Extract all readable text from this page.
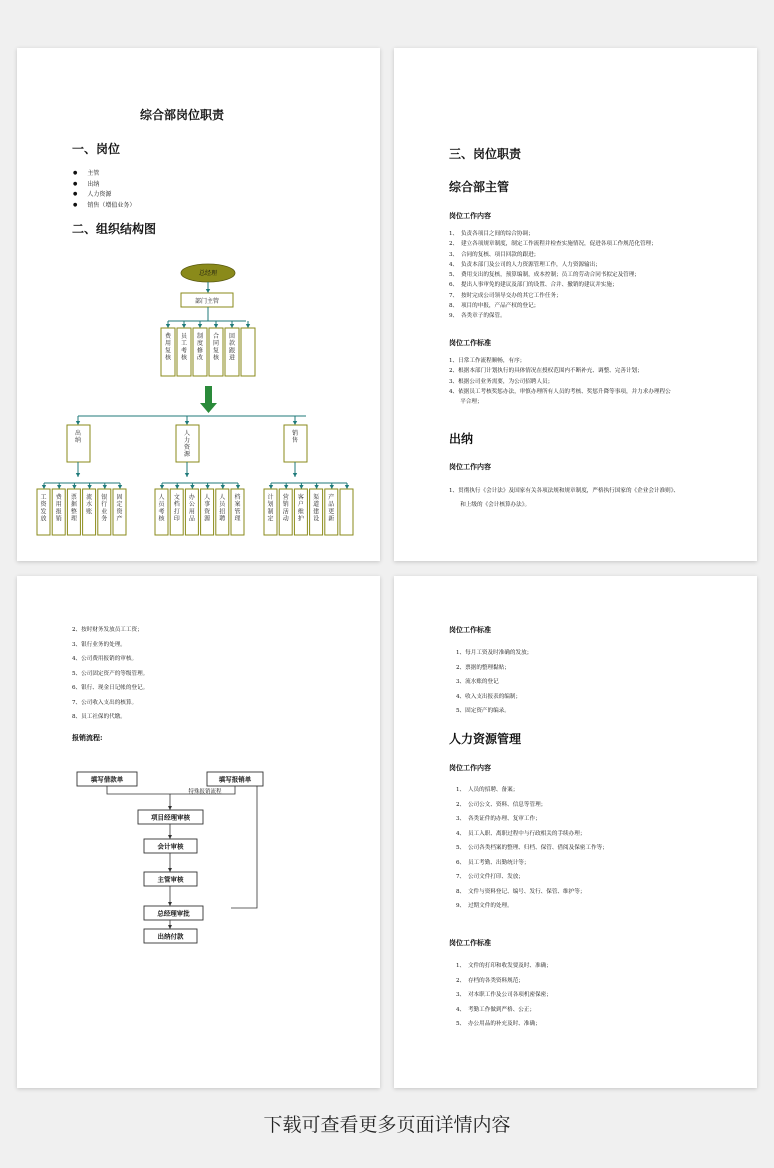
综合部岗位职责
一、岗位
● 主管
● 出纳
● 人力资源
● 销售（增值业务）
二、组织结构图
总经理
部门主管
费
用
复
核
员
工
考
核
制
度
修
改
合
同
复
核
回
款
跟
进
出
纳
工
资
发
放
费
用
报
销
票
据
整
理
流
水
账
银
行
业
务
固
定
资
产
人
力
资
源
人
员
考
核
文
档
打
印
办
公
用
品
人
事
资
源
人
员
招
聘
档
案
管
理
销
售
计
划
制
定
营
销
活
动
客
户
维
护
渠
道
建
设
产
品
更
新
三、岗位职责
综合部主管
岗位工作内容
1、　负责各项目之间的综合协调；
2、　建立各项规章制度，制定工作流程并检查实施情况，促进各项工作规范化管理；
3、　合同的复核、项目回款的跟进；
4、　负责本部门及公司的人力资源管理工作，人力资源输出；
5、　费用支出的复核，预算编制，成本控制；员工的劳动合同书拟定及管理；
6、　提出人事审免的建议及部门的设置、合并、撤销的建议并实施；
7、　按时完成公司领导交办的其它工作任务；
8、　项目的申报，产品产权的登记；
9、　各类章子的保管。
岗位工作标准
1、日常工作流程顺畅，有序；
2、根据本部门计划执行的具体情况在授权范围内不断补充、调整、完善计划；
3、根据公司业务需要，为公司招聘人员；
4、依据员工考核奖惩办法，审慎办理所有人员的考核、奖惩升降等事项，并力求办理程公
　　平合理；
出纳
岗位工作内容
1、贯彻执行《会计法》及国家有关各项法规和规章制度，严格执行国家的《企业会计准则》、
　　和上级的《会计核算办法》。
2、按时财务发放员工工资；
3、银行业务的处理。
4、公司费用报销的审核。
5、公司固定资产的等级管理。
6、银行、现金日记帐的登记。
7、公司收入支出的核算。
8、员工社保的代缴。
报销流程:
填写借款单	填写报销单
特殊报销流程
项目经理审核
会计审核
主管审核
总经理审批
出纳付款
岗位工作标准
1、每月工资及时准确的发放；
2、票据的整理黏贴；
3、流水账的登记
4、收入支出报表的编制；
5、固定资产的编录。
人力资源管理
岗位工作内容
1、　人员的招聘、备案；
2、　公司公文、资料、信息等管理；
3、　各类证件的办理、复审工作；
4、　员工入职、离职过程中与行政相关的手续办理；
5、　公司各类档案的整理、归档、保管、借阅及保密工作等；
6、　员工考勤、出勤统计等；
7、　公司文件打印、发放；
8、　文件与资料登记、编号、发行、保管、维护等；
9、　过期文件的处理。
岗位工作标准
1、　文件的打印和收发要及时、准确；
2、　存档的各类资料规范；
3、　对本职工作及公司各项机密保密；
4、　考勤工作做到严格、公正；
5、　办公用品的补充及时、准确；
下载可查看更多页面详情内容
